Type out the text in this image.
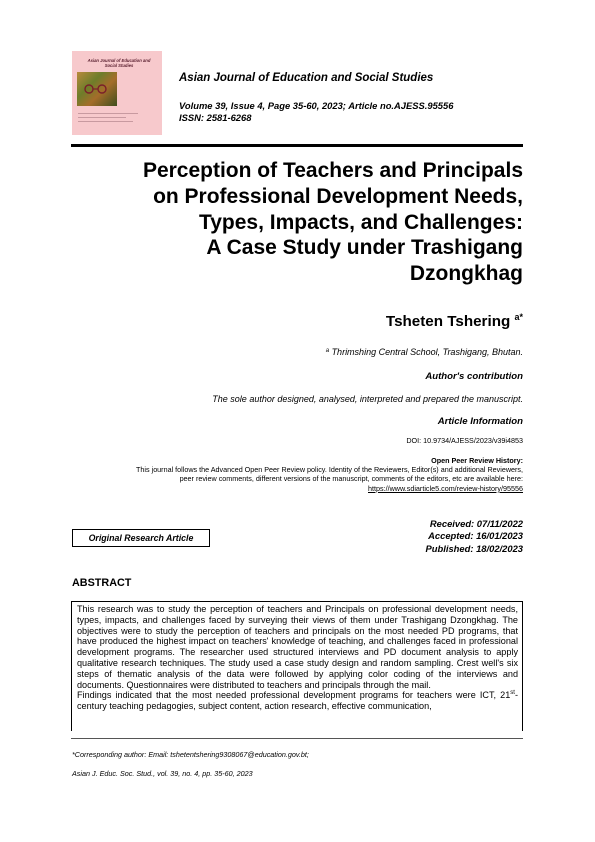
Asian Journal of Education and Social Studies
Asian Journal of Education and Social Studies
Volume 39, Issue 4, Page 35-60, 2023; Article no.AJESS.95556
ISSN: 2581-6268
Perception of Teachers and Principals
on Professional Development Needs,
Types, Impacts, and Challenges:
A Case Study under Trashigang
Dzongkhag
Tsheten Tshering $^{a*}$
$^a$ Thrimshing Central School, Trashigang, Bhutan.
Author's contribution
The sole author designed, analysed, interpreted and prepared the manuscript.
Article Information
DOI: 10.9734/AJESS/2023/v39i4853
Open Peer Review History:
This journal follows the Advanced Open Peer Review policy. Identity of the Reviewers, Editor(s) and additional Reviewers,
peer review comments, different versions of the manuscript, comments of the editors, etc are available here:
https://www.sdiarticle5.com/review-history/95556
Original Research Article
Received: 07/11/2022
Accepted: 16/01/2023
Published: 18/02/2023
ABSTRACT

This research was to study the perception of teachers and Principals on professional development needs, types, impacts, and challenges faced by surveying their views of them under Trashigang Dzongkhag. The objectives were to study the perception of teachers and principals on the most needed PD programs, that have produced the highest impact on teachers' knowledge of teaching, and challenges faced in professional development programs. The researcher used structured interviews and PD document analysis to apply qualitative research techniques. The study used a case study design and random sampling. Crest well's six steps of thematic analysis of the data were followed by applying color coding of the interviews and documents. Questionnaires were distributed to teachers and principals through the mail.

Findings indicated that the most needed professional development programs for teachers were ICT, 21st-century teaching pedagogies, subject content, action research, effective communication,

*Corresponding author: Email: tshetentshering9308067@education.gov.bt;
Asian J. Educ. Soc. Stud., vol. 39, no. 4, pp. 35-60, 2023
